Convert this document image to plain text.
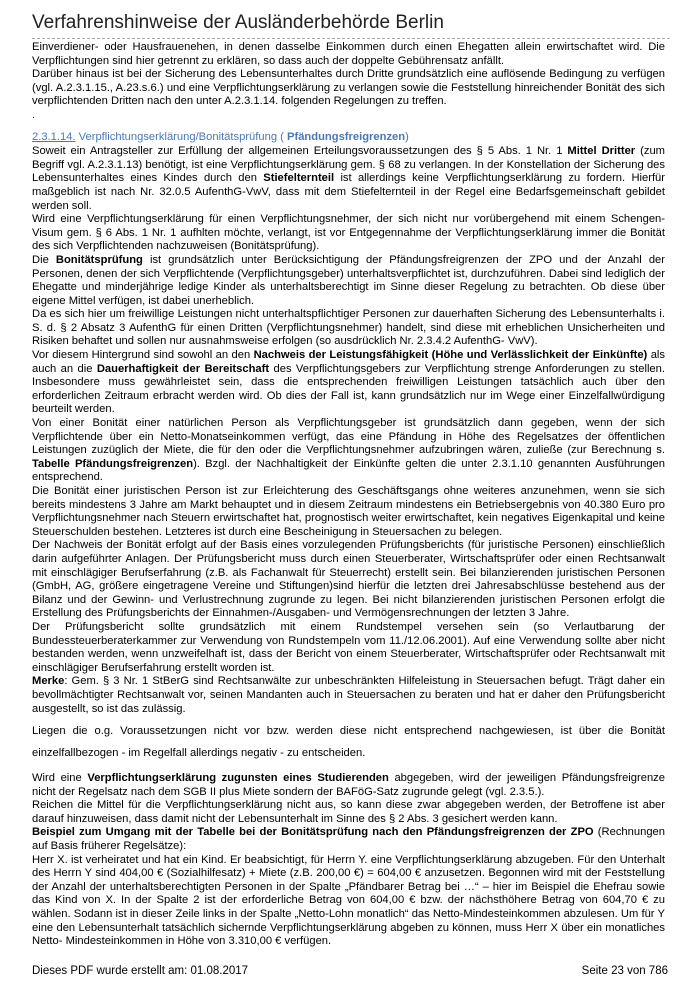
Verfahrenshinweise der Ausländerbehörde Berlin

Einverdiener- oder Hausfrauenehen, in denen dasselbe Einkommen durch einen Ehegatten allein erwirtschaftet wird. Die Verpflichtungen sind hier getrennt zu erklären, so dass auch der doppelte Gebührensatz anfällt.

Darüber hinaus ist bei der Sicherung des Lebensunterhaltes durch Dritte grundsätzlich eine auflösende Bedingung zu verfügen (vgl. A.2.3.1.15., A.23.s.6.) und eine Verpflichtungserklärung zu verlangen sowie die Feststellung hinreichender Bonität des sich verpflichtenden Dritten nach den unter A.2.3.1.14. folgenden Regelungen zu treffen.

.

2.3.1.14. Verpflichtungserklärung/Bonitätsprüfung ( Pfändungsfreigrenzen)

Soweit ein Antragsteller zur Erfüllung der allgemeinen Erteilungsvoraussetzungen des § 5 Abs. 1 Nr. 1 Mittel Dritter (zum Begriff vgl. A.2.3.1.13) benötigt, ist eine Verpflichtungserklärung gem. § 68 zu verlangen. In der Konstellation der Sicherung des Lebensunterhaltes eines Kindes durch den Stiefelternteil ist allerdings keine Verpflichtungserklärung zu fordern. Hierfür maßgeblich ist nach Nr. 32.0.5 AufenthG-VwV, dass mit dem Stiefelternteil in der Regel eine Bedarfsgemeinschaft gebildet werden soll.

Wird eine Verpflichtungserklärung für einen Verpflichtungsnehmer, der sich nicht nur vorübergehend mit einem Schengen-Visum gem. § 6 Abs. 1 Nr. 1 aufhlten möchte, verlangt, ist vor Entgegennahme der Verpflichtungserklärung immer die Bonität des sich Verpflichtenden nachzuweisen (Bonitätsprüfung).

Die Bonitätsprüfung ist grundsätzlich unter Berücksichtigung der Pfändungsfreigrenzen der ZPO und der Anzahl der Personen, denen der sich Verpflichtende (Verpflichtungsgeber) unterhaltsverpflichtet ist, durchzuführen. Dabei sind lediglich der Ehegatte und minderjährige ledige Kinder als unterhaltsberechtigt im Sinne dieser Regelung zu betrachten. Ob diese über eigene Mittel verfügen, ist dabei unerheblich.

Da es sich hier um freiwillige Leistungen nicht unterhaltspflichtiger Personen zur dauerhaften Sicherung des Lebensunterhalts i. S. d. § 2 Absatz 3 AufenthG für einen Dritten (Verpflichtungsnehmer) handelt, sind diese mit erheblichen Unsicherheiten und Risiken behaftet und sollen nur ausnahmsweise erfolgen (so ausdrücklich Nr. 2.3.4.2 AufenthG- VwV).

Vor diesem Hintergrund sind sowohl an den Nachweis der Leistungsfähigkeit (Höhe und Verlässlichkeit der Einkünfte) als auch an die Dauerhaftigkeit der Bereitschaft des Verpflichtungsgebers zur Verpflichtung strenge Anforderungen zu stellen. Insbesondere muss gewährleistet sein, dass die entsprechenden freiwilligen Leistungen tatsächlich auch über den erforderlichen Zeitraum erbracht werden wird. Ob dies der Fall ist, kann grundsätzlich nur im Wege einer Einzelfallwürdigung beurteilt werden.

Von einer Bonität einer natürlichen Person als Verpflichtungsgeber ist grundsätzlich dann gegeben, wenn der sich Verpflichtende über ein Netto-Monatseinkommen verfügt, das eine Pfändung in Höhe des Regelsatzes der öffentlichen Leistungen zuzüglich der Miete, die für den oder die Verpflichtungsnehmer aufzubringen wären, zuließe (zur Berechnung s. Tabelle Pfändungsfreigrenzen). Bzgl. der Nachhaltigkeit der Einkünfte gelten die unter 2.3.1.10 genannten Ausführungen entsprechend.

Die Bonität einer juristischen Person ist zur Erleichterung des Geschäftsgangs ohne weiteres anzunehmen, wenn sie sich bereits mindestens 3 Jahre am Markt behauptet und in diesem Zeitraum mindestens ein Betriebsergebnis von 40.380 Euro pro Verpflichtungsnehmer nach Steuern erwirtschaftet hat, prognostisch weiter erwirtschaftet, kein negatives Eigenkapital und keine Steuerschulden bestehen. Letzteres ist durch eine Bescheinigung in Steuersachen zu belegen.

Der Nachweis der Bonität erfolgt auf der Basis eines vorzulegenden Prüfungsberichts (für juristische Personen) einschließlich darin aufgeführter Anlagen. Der Prüfungsbericht muss durch einen Steuerberater, Wirtschaftsprüfer oder einen Rechtsanwalt mit einschlägiger Berufserfahrung (z.B. als Fachanwalt für Steuerrecht) erstellt sein. Bei bilanzierenden juristischen Personen (GmbH, AG, größere eingetragene Vereine und Stiftungen)sind hierfür die letzten drei Jahresabschlüsse bestehend aus der Bilanz und der Gewinn- und Verlustrechnung zugrunde zu legen. Bei nicht bilanzierenden juristischen Personen erfolgt die Erstellung des Prüfungsberichts der Einnahmen-/Ausgaben- und Vermögensrechnungen der letzten 3 Jahre.

Der Prüfungsbericht sollte grundsätzlich mit einem Rundstempel versehen sein (so Verlautbarung der Bundessteuerberaterkammer zur Verwendung von Rundstempeln vom 11./12.06.2001). Auf eine Verwendung sollte aber nicht bestanden werden, wenn unzweifelhaft ist, dass der Bericht von einem Steuerberater, Wirtschaftsprüfer oder Rechtsanwalt mit einschlägiger Berufserfahrung erstellt worden ist.

Merke: Gem. § 3 Nr. 1 StBerG sind Rechtsanwälte zur unbeschränkten Hilfeleistung in Steuersachen befugt. Trägt daher ein bevollmächtigter Rechtsanwalt vor, seinen Mandanten auch in Steuersachen zu beraten und hat er daher den Prüfungsbericht ausgestellt, so ist das zulässig.

Liegen die o.g. Voraussetzungen nicht vor bzw. werden diese nicht entsprechend nachgewiesen, ist über die Bonität einzelfallbezogen - im Regelfall allerdings negativ - zu entscheiden.

Wird eine Verpflichtungserklärung zugunsten eines Studierenden abgegeben, wird der jeweiligen Pfändungsfreigrenze nicht der Regelsatz nach dem SGB II plus Miete sondern der BAFöG-Satz zugrunde gelegt (vgl. 2.3.5.).

Reichen die Mittel für die Verpflichtungserklärung nicht aus, so kann diese zwar abgegeben werden, der Betroffene ist aber darauf hinzuweisen, dass damit nicht der Lebensunterhalt im Sinne des § 2 Abs. 3 gesichert werden kann.

Beispiel zum Umgang mit der Tabelle bei der Bonitätsprüfung nach den Pfändungsfreigrenzen der ZPO (Rechnungen auf Basis früherer Regelsätze):

Herr X. ist verheiratet und hat ein Kind. Er beabsichtigt, für Herrn Y. eine Verpflichtungserklärung abzugeben. Für den Unterhalt des Herrn Y sind 404,00 € (Sozialhilfesatz) + Miete (z.B. 200,00 €) = 604,00 € anzusetzen. Begonnen wird mit der Feststellung der Anzahl der unterhaltsberechtigten Personen in der Spalte „Pfändbarer Betrag bei …“ – hier im Beispiel die Ehefrau sowie das Kind von X. In der Spalte 2 ist der erforderliche Betrag von 604,00 € bzw. der nächsthöhere Betrag von 604,70 € zu wählen. Sodann ist in dieser Zeile links in der Spalte „Netto-Lohn monatlich“ das Netto-Mindesteinkommen abzulesen. Um für Y eine den Lebensunterhalt tatsächlich sichernde Verpflichtungserklärung abgeben zu können, muss Herr X über ein monatliches Netto- Mindesteinkommen in Höhe von 3.310,00 € verfügen.

Dieses PDF wurde erstellt am: 01.08.2017	Seite 23 von 786
